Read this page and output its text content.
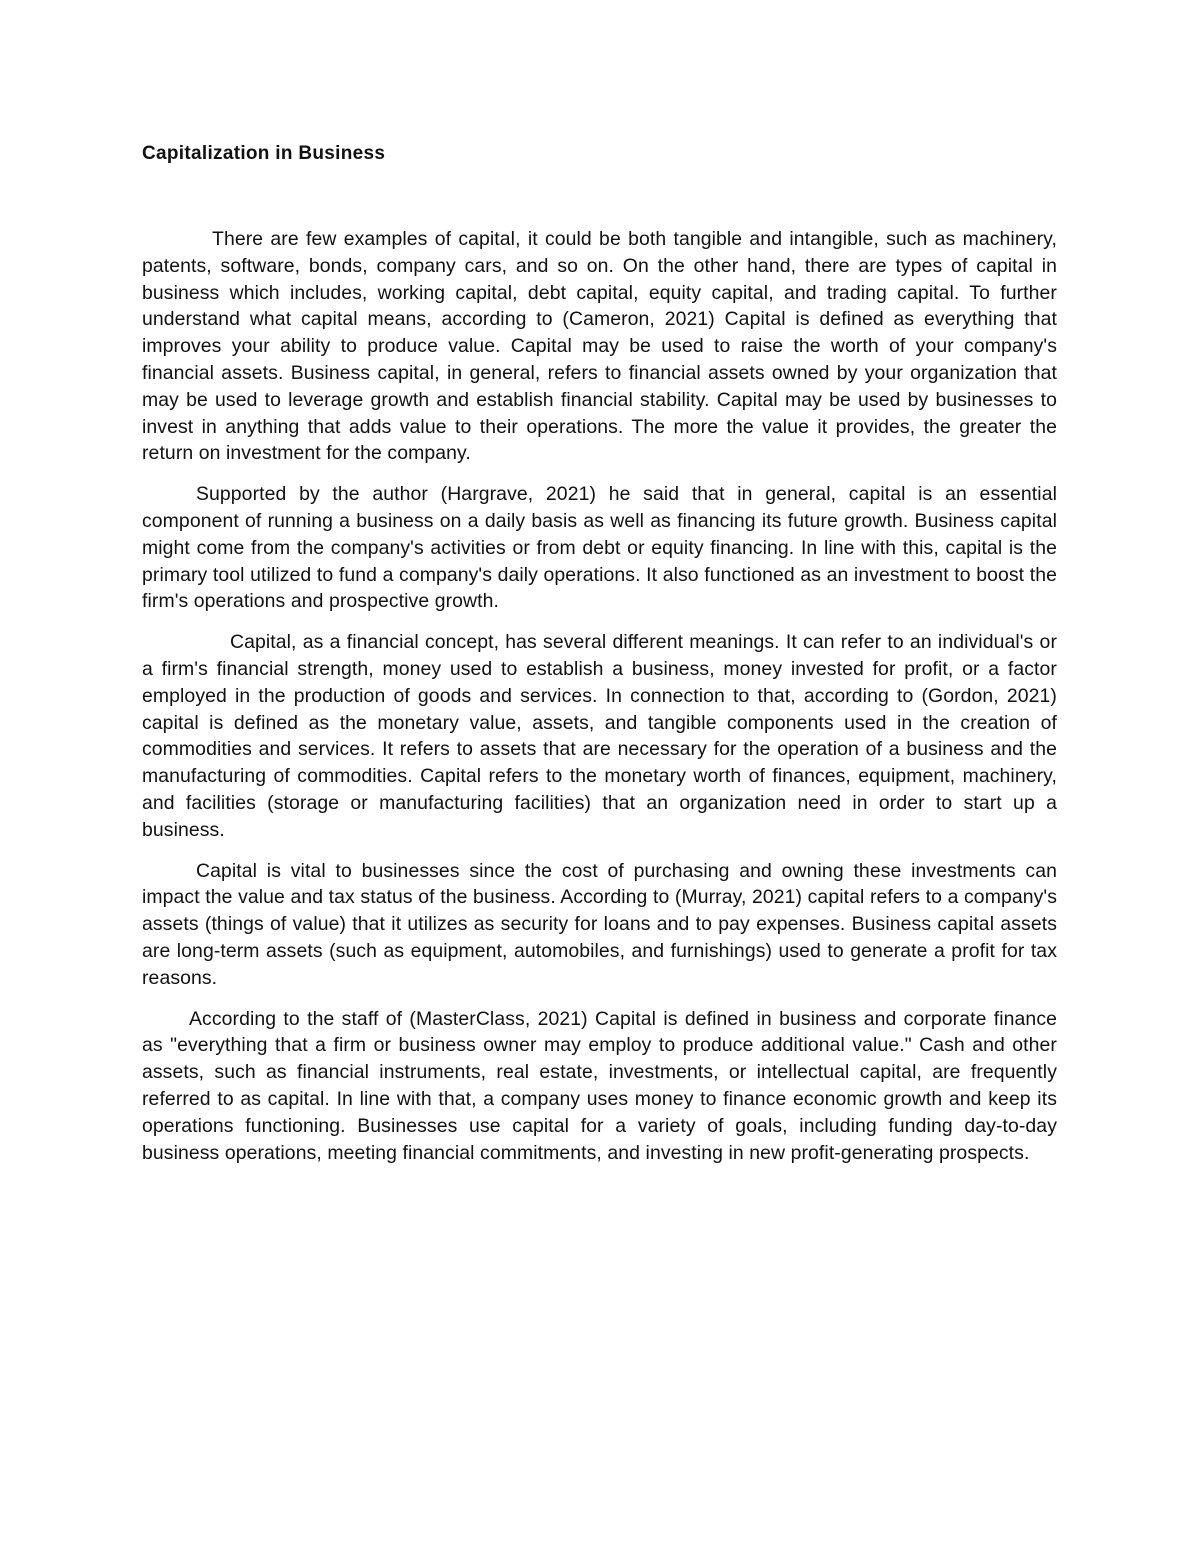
Capitalization in Business

There are few examples of capital, it could be both tangible and intangible, such as machinery, patents, software, bonds, company cars, and so on. On the other hand, there are types of capital in business which includes, working capital, debt capital, equity capital, and trading capital. To further understand what capital means, according to (Cameron, 2021) Capital is defined as everything that improves your ability to produce value. Capital may be used to raise the worth of your company's financial assets. Business capital, in general, refers to financial assets owned by your organization that may be used to leverage growth and establish financial stability. Capital may be used by businesses to invest in anything that adds value to their operations. The more the value it provides, the greater the return on investment for the company.

Supported by the author (Hargrave, 2021) he said that in general, capital is an essential component of running a business on a daily basis as well as financing its future growth. Business capital might come from the company's activities or from debt or equity financing. In line with this, capital is the primary tool utilized to fund a company's daily operations. It also functioned as an investment to boost the firm's operations and prospective growth.

Capital, as a financial concept, has several different meanings. It can refer to an individual's or a firm's financial strength, money used to establish a business, money invested for profit, or a factor employed in the production of goods and services. In connection to that, according to (Gordon, 2021) capital is defined as the monetary value, assets, and tangible components used in the creation of commodities and services. It refers to assets that are necessary for the operation of a business and the manufacturing of commodities. Capital refers to the monetary worth of finances, equipment, machinery, and facilities (storage or manufacturing facilities) that an organization need in order to start up a business.

Capital is vital to businesses since the cost of purchasing and owning these investments can impact the value and tax status of the business. According to (Murray, 2021) capital refers to a company's assets (things of value) that it utilizes as security for loans and to pay expenses. Business capital assets are long-term assets (such as equipment, automobiles, and furnishings) used to generate a profit for tax reasons.

According to the staff of (MasterClass, 2021) Capital is defined in business and corporate finance as "everything that a firm or business owner may employ to produce additional value." Cash and other assets, such as financial instruments, real estate, investments, or intellectual capital, are frequently referred to as capital. In line with that, a company uses money to finance economic growth and keep its operations functioning. Businesses use capital for a variety of goals, including funding day-to-day business operations, meeting financial commitments, and investing in new profit-generating prospects.
